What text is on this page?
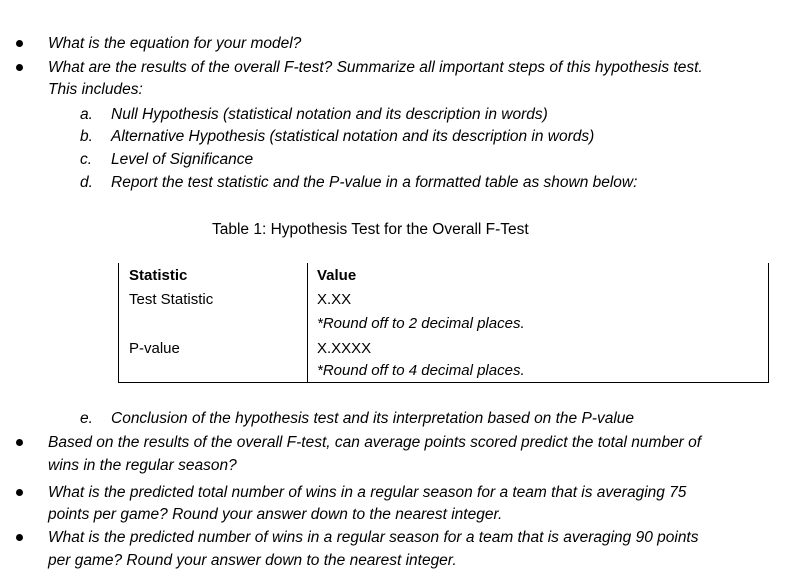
What is the equation for your model?
What are the results of the overall F-test? Summarize all important steps of this hypothesis test.
This includes:
a. Null Hypothesis (statistical notation and its description in words)
b. Alternative Hypothesis (statistical notation and its description in words)
c. Level of Significance
d. Report the test statistic and the P-value in a formatted table as shown below:
Table 1: Hypothesis Test for the Overall F-Test
Statistic	Value
Test Statistic	X.XX
*Round off to 2 decimal places.
P-value	X.XXXX
*Round off to 4 decimal places.
e. Conclusion of the hypothesis test and its interpretation based on the P-value
Based on the results of the overall F-test, can average points scored predict the total number of
wins in the regular season?
What is the predicted total number of wins in a regular season for a team that is averaging 75
points per game? Round your answer down to the nearest integer.
What is the predicted number of wins in a regular season for a team that is averaging 90 points
per game? Round your answer down to the nearest integer.
